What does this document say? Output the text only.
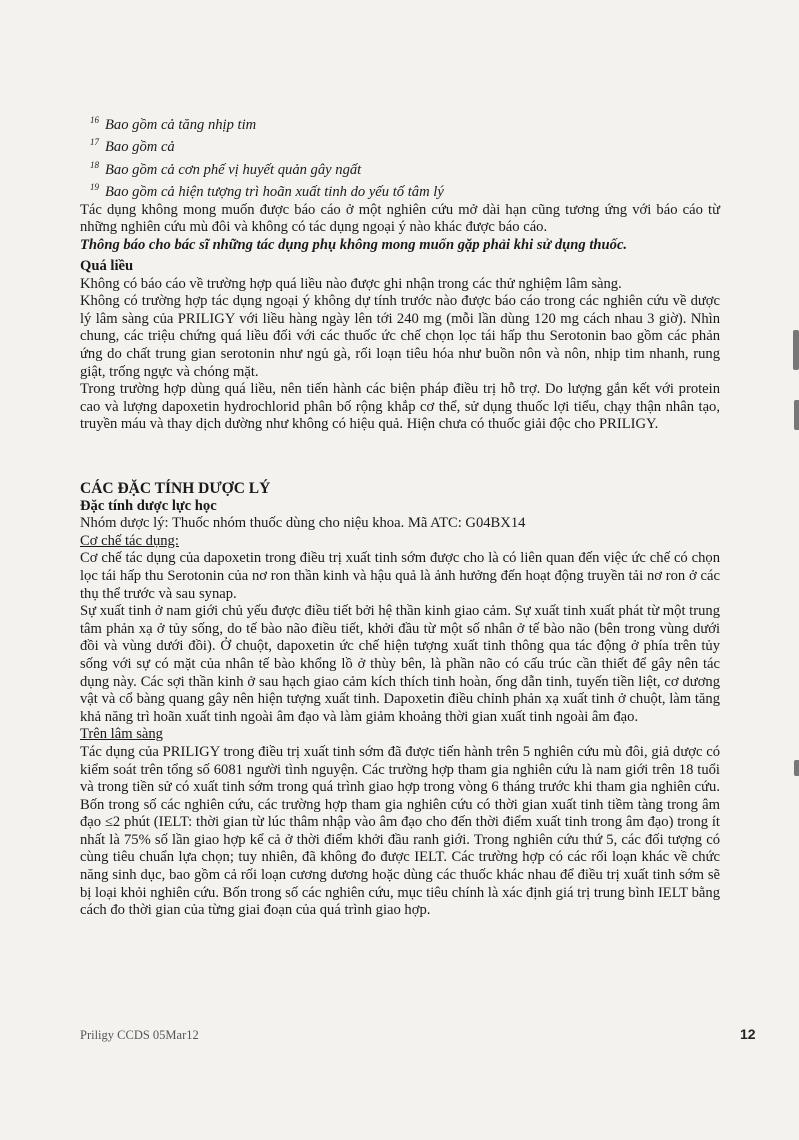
$^{16}$ Bao gồm cả tăng nhịp tim
$^{17}$ Bao gồm cả
$^{18}$ Bao gồm cả cơn phế vị huyết quản gây ngất
$^{19}$ Bao gồm cả hiện tượng trì hoãn xuất tinh do yếu tố tâm lý

Tác dụng không mong muốn được báo cáo ở một nghiên cứu mở dài hạn cũng tương ứng với báo cáo từ những nghiên cứu mù đôi và không có tác dụng ngoại ý nào khác được báo cáo.

Thông báo cho bác sĩ những tác dụng phụ không mong muốn gặp phải khi sử dụng thuốc.

Quá liều

Không có báo cáo về trường hợp quá liều nào được ghi nhận trong các thử nghiệm lâm sàng.

Không có trường hợp tác dụng ngoại ý không dự tính trước nào được báo cáo trong các nghiên cứu về dược lý lâm sàng của PRILIGY với liều hàng ngày lên tới 240 mg (mỗi lần dùng 120 mg cách nhau 3 giờ). Nhìn chung, các triệu chứng quá liều đối với các thuốc ức chế chọn lọc tái hấp thu Serotonin bao gồm các phản ứng do chất trung gian serotonin như ngủ gà, rối loạn tiêu hóa như buồn nôn và nôn, nhịp tim nhanh, rung giật, trống ngực và chóng mặt.

Trong trường hợp dùng quá liều, nên tiến hành các biện pháp điều trị hỗ trợ. Do lượng gắn kết với protein cao và lượng dapoxetin hydrochlorid phân bố rộng khắp cơ thể, sử dụng thuốc lợi tiểu, chạy thận nhân tạo, truyền máu và thay dịch dường như không có hiệu quả. Hiện chưa có thuốc giải độc cho PRILIGY.

CÁC ĐẶC TÍNH DƯỢC LÝ
Đặc tính dược lực học

Nhóm dược lý: Thuốc nhóm thuốc dùng cho niệu khoa. Mã ATC: G04BX14

Cơ chế tác dụng:

Cơ chế tác dụng của dapoxetin trong điều trị xuất tinh sớm được cho là có liên quan đến việc ức chế có chọn lọc tái hấp thu Serotonin của nơ ron thần kinh và hậu quả là ảnh hưởng đến hoạt động truyền tải nơ ron ở các thụ thể trước và sau synap.

Sự xuất tinh ở nam giới chủ yếu được điều tiết bởi hệ thần kinh giao cảm. Sự xuất tinh xuất phát từ một trung tâm phản xạ ở tủy sống, do tế bào não điều tiết, khởi đầu từ một số nhân ở tế bào não (bên trong vùng dưới đồi và vùng dưới đồi). Ở chuột, dapoxetin ức chế hiện tượng xuất tinh thông qua tác động ở phía trên tủy sống với sự có mặt của nhân tế bào khổng lồ ở thùy bên, là phần não có cấu trúc cần thiết để gây nên tác dụng này. Các sợi thần kinh ở sau hạch giao cảm kích thích tinh hoàn, ống dẫn tinh, tuyến tiền liệt, cơ dương vật và cổ bàng quang gây nên hiện tượng xuất tinh. Dapoxetin điều chỉnh phản xạ xuất tinh ở chuột, làm tăng khả năng trì hoãn xuất tinh ngoài âm đạo và làm giảm khoảng thời gian xuất tinh ngoài âm đạo.

Trên lâm sàng

Tác dụng của PRILIGY trong điều trị xuất tinh sớm đã được tiến hành trên 5 nghiên cứu mù đôi, giả dược có kiểm soát trên tổng số 6081 người tình nguyện. Các trường hợp tham gia nghiên cứu là nam giới trên 18 tuổi và trong tiền sử có xuất tinh sớm trong quá trình giao hợp trong vòng 6 tháng trước khi tham gia nghiên cứu. Bốn trong số các nghiên cứu, các trường hợp tham gia nghiên cứu có thời gian xuất tinh tiềm tàng trong âm đạo ≤2 phút (IELT: thời gian từ lúc thâm nhập vào âm đạo cho đến thời điểm xuất tinh trong âm đạo) trong ít nhất là 75% số lần giao hợp kể cả ở thời điểm khởi đầu ranh giới. Trong nghiên cứu thứ 5, các đối tượng có cùng tiêu chuẩn lựa chọn; tuy nhiên, đã không đo được IELT. Các trường hợp có các rối loạn khác về chức năng sinh dục, bao gồm cả rối loạn cương dương hoặc dùng các thuốc khác nhau để điều trị xuất tinh sớm sẽ bị loại khỏi nghiên cứu. Bốn trong số các nghiên cứu, mục tiêu chính là xác định giá trị trung bình IELT bằng cách đo thời gian của từng giai đoạn của quá trình giao hợp.

Priligy CCDS 05Mar12	12
